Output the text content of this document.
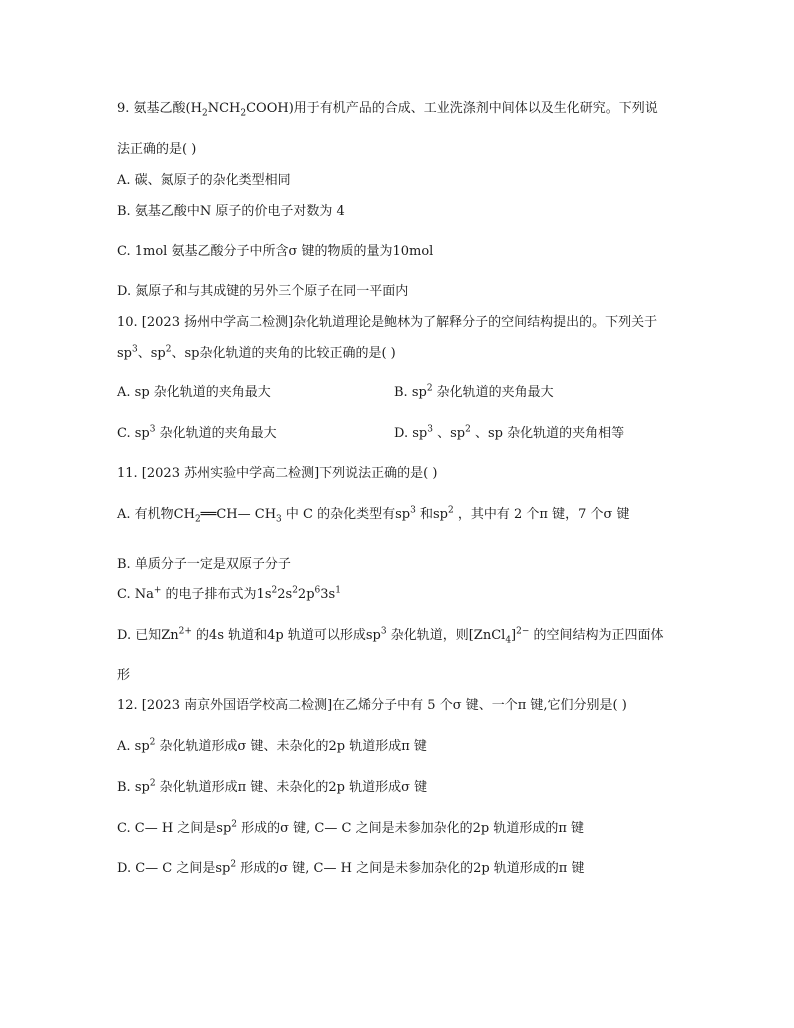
9. 氨基乙酸$(H_2NCH_2COOH)$用于有机产品的合成、工业洗涤剂中间体以及生化研究。下列说
法正确的是( )
A. 碳、氮原子的杂化类型相同
B. 氨基乙酸中N 原子的价电子对数为 4
C. 1mol 氨基乙酸分子中所含σ 键的物质的量为10mol
D. 氮原子和与其成键的另外三个原子在同一平面内
10. [2023 扬州中学高二检测]杂化轨道理论是鲍林为了解释分子的空间结构提出的。下列关于
$sp^3$、$sp^2$、sp杂化轨道的夹角的比较正确的是( )
A. sp 杂化轨道的夹角最大	B. $sp^2$ 杂化轨道的夹角最大
C. $sp^3$ 杂化轨道的夹角最大	D. $sp^3$ 、$sp^2$ 、sp 杂化轨道的夹角相等
11. [2023 苏州实验中学高二检测]下列说法正确的是( )
A. 有机物$CH_2══CH—$ $CH_3$ 中 C 的杂化类型有$sp^3$ 和$sp^2$ ，其中有 2 个π 键，7 个σ 键
B. 单质分子一定是双原子分子
C. Na+ 的电子排布式为$1s^22s^22p^63s^1$
D. 已知$Zn^{2+}$ 的4s 轨道和4p 轨道可以形成$sp^3$ 杂化轨道，则[ZnCl$_4$]$^{2-}$ 的空间结构为正四面体
形
12. [2023 南京外国语学校高二检测]在乙烯分子中有 5 个σ 键、一个π 键,它们分别是( )
A. $sp^2$ 杂化轨道形成σ 键、未杂化的2p 轨道形成π 键
B. $sp^2$ 杂化轨道形成π 键、未杂化的2p 轨道形成σ 键
C. C— H 之间是$sp^2$ 形成的σ 键, C— C 之间是未参加杂化的2p 轨道形成的π 键
D. C— C 之间是$sp^2$ 形成的σ 键, C— H 之间是未参加杂化的2p 轨道形成的π 键
